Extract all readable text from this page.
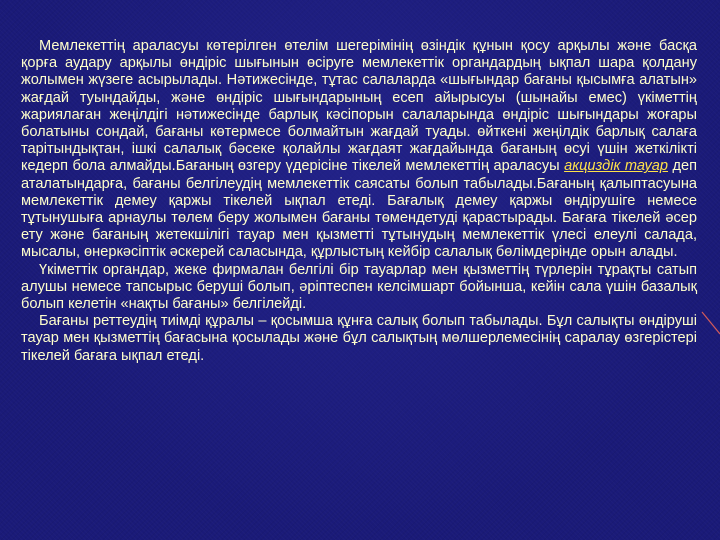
Мемлекеттің араласуы көтерілген өтелім шегерімінің өзіндік құнын қосу арқылы және басқа қорға аудару арқылы өндіріс шығынын өсіруге мемлекеттік органдардың ықпал шара қолдану жолымен жүзеге асырылады. Нәтижесінде, тұтас салаларда «шығындар бағаны қысымға алатын» жағдай туындайды, және өндіріс шығындарының есеп айырысуы (шынайы емес) үкіметтің жариялаған жеңілдігі нәтижесінде барлық кәсіпорын салаларында өндіріс шығындары жоғары болатыны сондай, бағаны көтермесе болмайтын жағдай туады. өйткені жеңілдік барлық салаға тарітындықтан, ішкі салалық бәсеке қолайлы жағдаят жағдайында бағаның өсуі үшін жеткілікті кедерп бола алмайды.Бағаның өзгеру үдерісіне тікелей мемлекеттің араласуы акциздік тауар деп аталатындарға, бағаны белгілеудің мемлекеттік саясаты болып табылады.Бағаның қалыптасуына мемлекеттік демеу қаржы тікелей ықпал етеді. Бағалық демеу қаржы өндірушіге немесе тұтынушыға арнаулы төлем беру жолымен бағаны төмендетуді қарастырады. Бағаға тікелей әсер ету және бағаның жетекшілігі тауар мен қызметті тұтынудың мемлекеттік үлесі елеулі салада, мысалы, өнеркәсіптік әскерей саласында, құрлыстың кейбір салалық бөлімдерінде орын алады.

Үкіметтік органдар, жеке фирмалан белгілі бір тауарлар мен қызметтің түрлерін тұрақты сатып алушы немесе тапсырыс беруші болып, әріптеспен келсімшарт бойынша, кейін сала үшін базалық болып келетін «нақты бағаны» белгілейді.

Бағаны реттеудің тиімді құралы – қосымша құнға салық болып табылады. Бұл салықты өндіруші тауар мен қызметтің бағасына қосылады және бұл салықтың мөлшерлемесінің саралау өзгерістері тікелей бағаға ықпал етеді.
